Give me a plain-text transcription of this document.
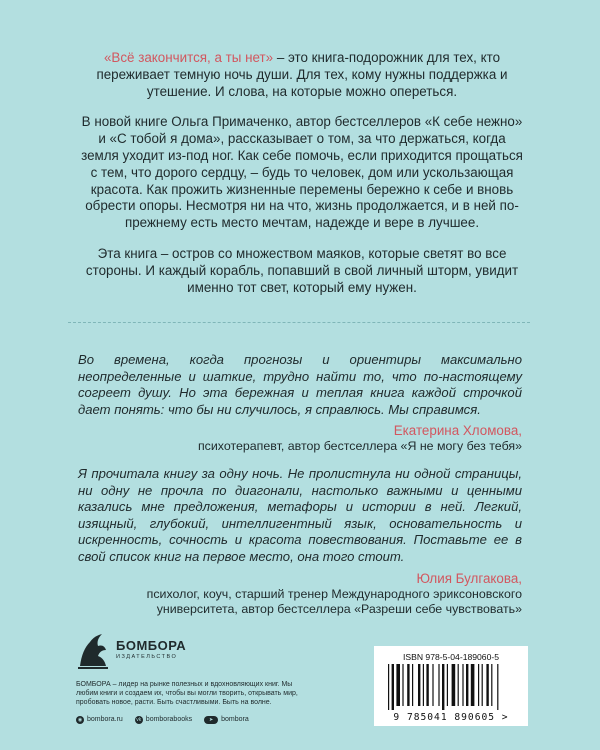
«Всё закончится, а ты нет» – это книга-подорожник для тех, кто переживает темную ночь души. Для тех, кому нужны поддержка и утешение. И слова, на которые можно опереться.

В новой книге Ольга Примаченко, автор бестселлеров «К себе нежно» и «С тобой я дома», рассказывает о том, за что держаться, когда земля уходит из-под ног. Как себе помочь, если приходится прощаться с тем, что дорого сердцу, – будь то человек, дом или ускользающая красота. Как прожить жизненные перемены бережно к себе и вновь обрести опоры. Несмотря ни на что, жизнь продолжается, и в ней по-прежнему есть место мечтам, надежде и вере в лучшее.

Эта книга – остров со множеством маяков, которые светят во все стороны. И каждый корабль, попавший в свой личный шторм, увидит именно тот свет, который ему нужен.

Во времена, когда прогнозы и ориентиры максимально неопределенные и шаткие, трудно найти то, что по-настоящему согреет душу. Но эта бережная и теплая книга каждой строчкой дает понять: что бы ни случилось, я справлюсь. Мы справимся.

Екатерина Хломова,
психотерапевт, автор бестселлера «Я не могу без тебя»

Я прочитала книгу за одну ночь. Не пролистнула ни одной страницы, ни одну не прочла по диагонали, настолько важными и ценными казались мне предложения, метафоры и истории в ней. Легкий, изящный, глубокий, интеллигентный язык, основательность и искренность, сочность и красота повествования. Поставьте ее в свой список книг на первое место, она того стоит.

Юлия Булгакова,
психолог, коуч, старший тренер Международного эриксоновского университета, автор бестселлера «Разреши себе чувствовать»
БОМБОРА
ИЗДАТЕЛЬСТВО
БОМБОРА – лидер на рынке полезных и вдохновляющих книг. Мы любим книги и создаем их, чтобы вы могли творить, открывать мир, пробовать новое, расти. Быть счастливыми. Быть на волне.
◉ bombora.ru	vk bomborabooks	➤	bombora
ISBN 978-5-04-189060-5
9 785041 890605 >
